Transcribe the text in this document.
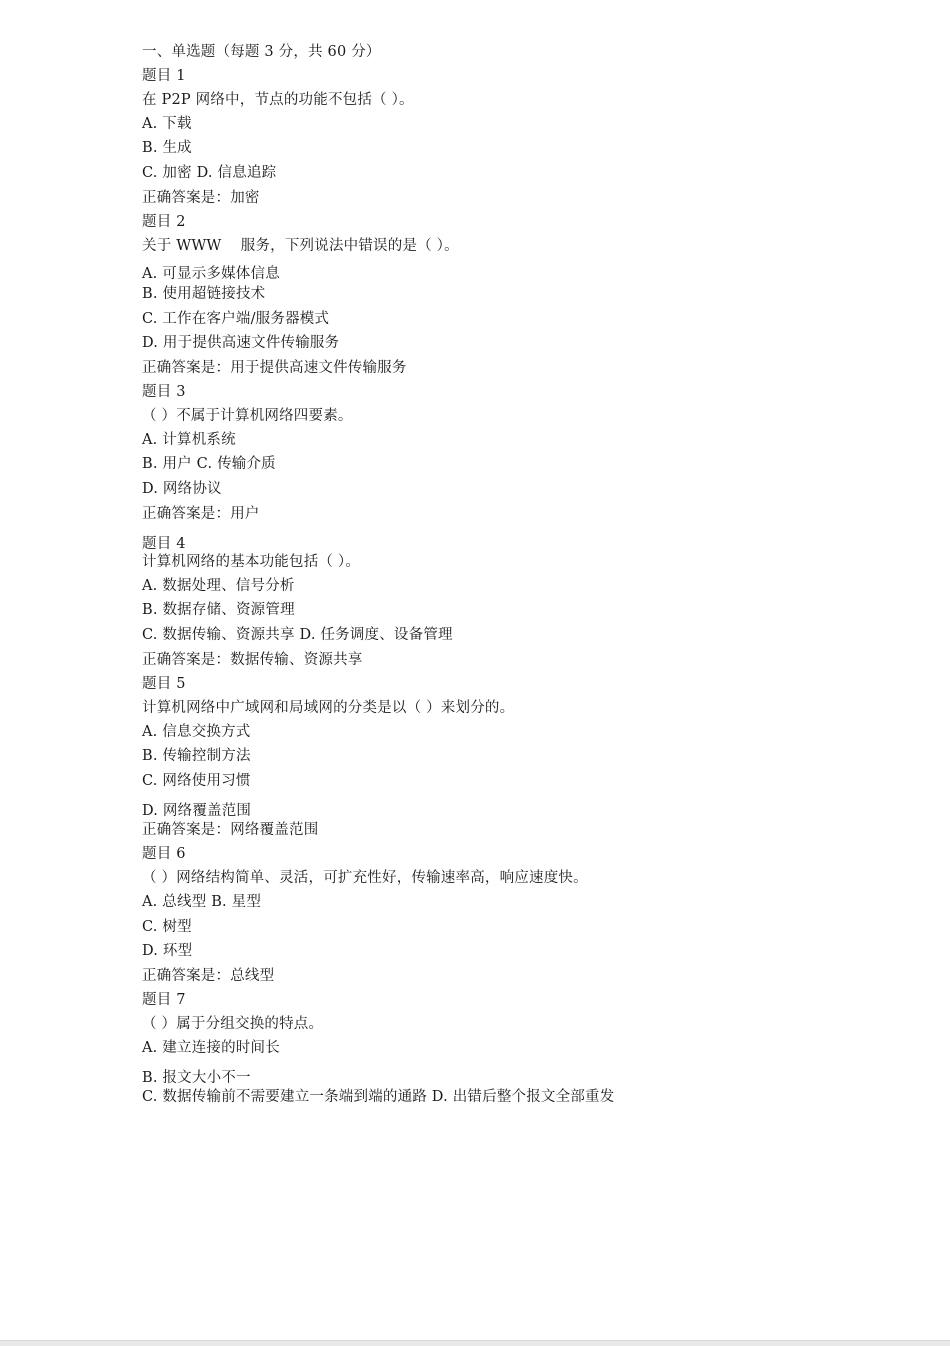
一、单选题（每题 3 分，共 60 分）
题目 1
在 P2P 网络中，节点的功能不包括（ ）。
A. 下载
B. 生成
C. 加密 D. 信息追踪
正确答案是：加密
题目 2
关于 WWW    服务，下列说法中错误的是（ ）。
A. 可显示多媒体信息
B. 使用超链接技术
C. 工作在客户端/服务器模式
D. 用于提供高速文件传输服务
正确答案是：用于提供高速文件传输服务
题目 3
（ ）不属于计算机网络四要素。
A. 计算机系统
B. 用户 C. 传输介质
D. 网络协议
正确答案是：用户
题目 4
计算机网络的基本功能包括（ ）。
A. 数据处理、信号分析
B. 数据存储、资源管理
C. 数据传输、资源共享 D. 任务调度、设备管理
正确答案是：数据传输、资源共享
题目 5
计算机网络中广域网和局域网的分类是以（ ）来划分的。
A. 信息交换方式
B. 传输控制方法
C. 网络使用习惯
D. 网络覆盖范围
正确答案是：网络覆盖范围
题目 6
（ ）网络结构简单、灵活，可扩充性好，传输速率高，响应速度快。
A. 总线型 B. 星型
C. 树型
D. 环型
正确答案是：总线型
题目 7
（ ）属于分组交换的特点。
A. 建立连接的时间长
B. 报文大小不一
C. 数据传输前不需要建立一条端到端的通路 D. 出错后整个报文全部重发
